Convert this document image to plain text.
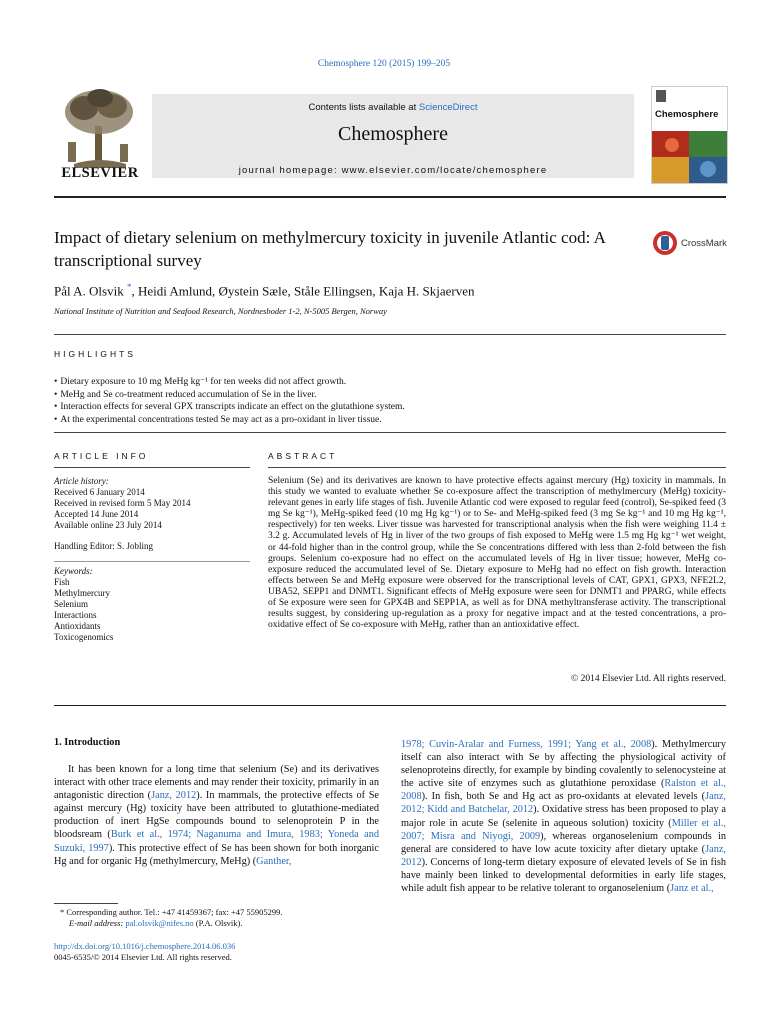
Chemosphere 120 (2015) 199–205
ELSEVIER
Contents lists available at ScienceDirect
Chemosphere
journal homepage: www.elsevier.com/locate/chemosphere
Chemosphere
Impact of dietary selenium on methylmercury toxicity in juvenile Atlantic cod: A transcriptional survey
CrossMark
Pål A. Olsvik *, Heidi Amlund, Øystein Sæle, Ståle Ellingsen, Kaja H. Skjaerven
National Institute of Nutrition and Seafood Research, Nordnesboder 1-2, N-5005 Bergen, Norway
HIGHLIGHTS
• Dietary exposure to 10 mg MeHg kg⁻¹ for ten weeks did not affect growth.
• MeHg and Se co-treatment reduced accumulation of Se in the liver.
• Interaction effects for several GPX transcripts indicate an effect on the glutathione system.
• At the experimental concentrations tested Se may act as a pro-oxidant in liver tissue.
ARTICLE INFO
Article history:
Received 6 January 2014
Received in revised form 5 May 2014
Accepted 14 June 2014
Available online 23 July 2014
Handling Editor: S. Jobling
Keywords:
Fish
Methylmercury
Selenium
Interactions
Antioxidants
Toxicogenomics
ABSTRACT

Selenium (Se) and its derivatives are known to have protective effects against mercury (Hg) toxicity in mammals. In this study we wanted to evaluate whether Se co-exposure affect the transcription of methylmercury (MeHg) toxicity-relevant genes in early life stages of fish. Juvenile Atlantic cod were exposed to regular feed (control), Se-spiked feed (3 mg Se kg⁻¹), MeHg-spiked feed (10 mg Hg kg⁻¹) or to Se- and MeHg-spiked feed (3 mg Se kg⁻¹ and 10 mg Hg kg⁻¹, respectively) for ten weeks. Liver tissue was harvested for transcriptional analysis when the fish were weighing 11.4 ± 3.2 g. Accumulated levels of Hg in liver of the two groups of fish exposed to MeHg were 1.5 mg Hg kg⁻¹ wet weight, or 44-fold higher than in the control group, while the Se concentrations differed with less than 2-fold between the fish groups. Selenium co-exposure had no effect on the accumulated levels of Hg in liver tissue; however, MeHg co-exposure reduced the accumulated level of Se. Dietary exposure to MeHg had no effect on fish growth. Interaction effects between Se and MeHg exposure were observed for the transcriptional levels of CAT, GPX1, GPX3, NFE2L2, UBA52, SEPP1 and DNMT1. Significant effects of MeHg exposure were seen for DNMT1 and PPARG, while effects of Se exposure were seen for GPX4B and SEPP1A, as well as for DNA methyltransferase activity. The transcriptional results suggest, by considering up-regulation as a proxy for negative impact and at the tested concentrations, a pro-oxidative effect of Se co-exposure with MeHg, rather than an antioxidative effect.

© 2014 Elsevier Ltd. All rights reserved.
1. Introduction

It has been known for a long time that selenium (Se) and its derivatives interact with other trace elements and may render their toxicity, primarily in an antagonistic direction (Janz, 2012). In mammals, the protective effects of Se against mercury (Hg) toxicity have been attributed to glutathione-mediated production of inert HgSe compounds bound to selenoprotein P in the bloodsream (Burk et al., 1974; Naganuma and Imura, 1983; Yoneda and Suzuki, 1997). This protective effect of Se has been shown for both inorganic Hg and for organic Hg (methylmercury, MeHg) (Ganther,

1978; Cuvin-Aralar and Furness, 1991; Yang et al., 2008). Methylmercury itself can also interact with Se by affecting the physiological activity of selenoproteins directly, for example by binding covalently to selenocysteine at the active site of enzymes such as glutathione peroxidase (Ralston et al., 2008). In fish, both Se and Hg act as pro-oxidants at elevated levels (Janz, 2012; Kidd and Batchelar, 2012). Oxidative stress has been proposed to play a major role in acute Se (selenite in aqueous solution) toxicity (Miller et al., 2007; Misra and Niyogi, 2009), whereas organoselenium compounds in general are considered to have low acute toxicity after dietary uptake (Janz, 2012). Concerns of long-term dietary exposure of elevated levels of Se in fish have mainly been linked to developmental deformities in early life stages, while adult fish appear to be relative tolerant to organoselenium (Janz et al.,

* Corresponding author. Tel.: +47 41459367; fax: +47 55905299.
E-mail address: pal.olsvik@nifes.no (P.A. Olsvik).
http://dx.doi.org/10.1016/j.chemosphere.2014.06.036
0045-6535/© 2014 Elsevier Ltd. All rights reserved.
